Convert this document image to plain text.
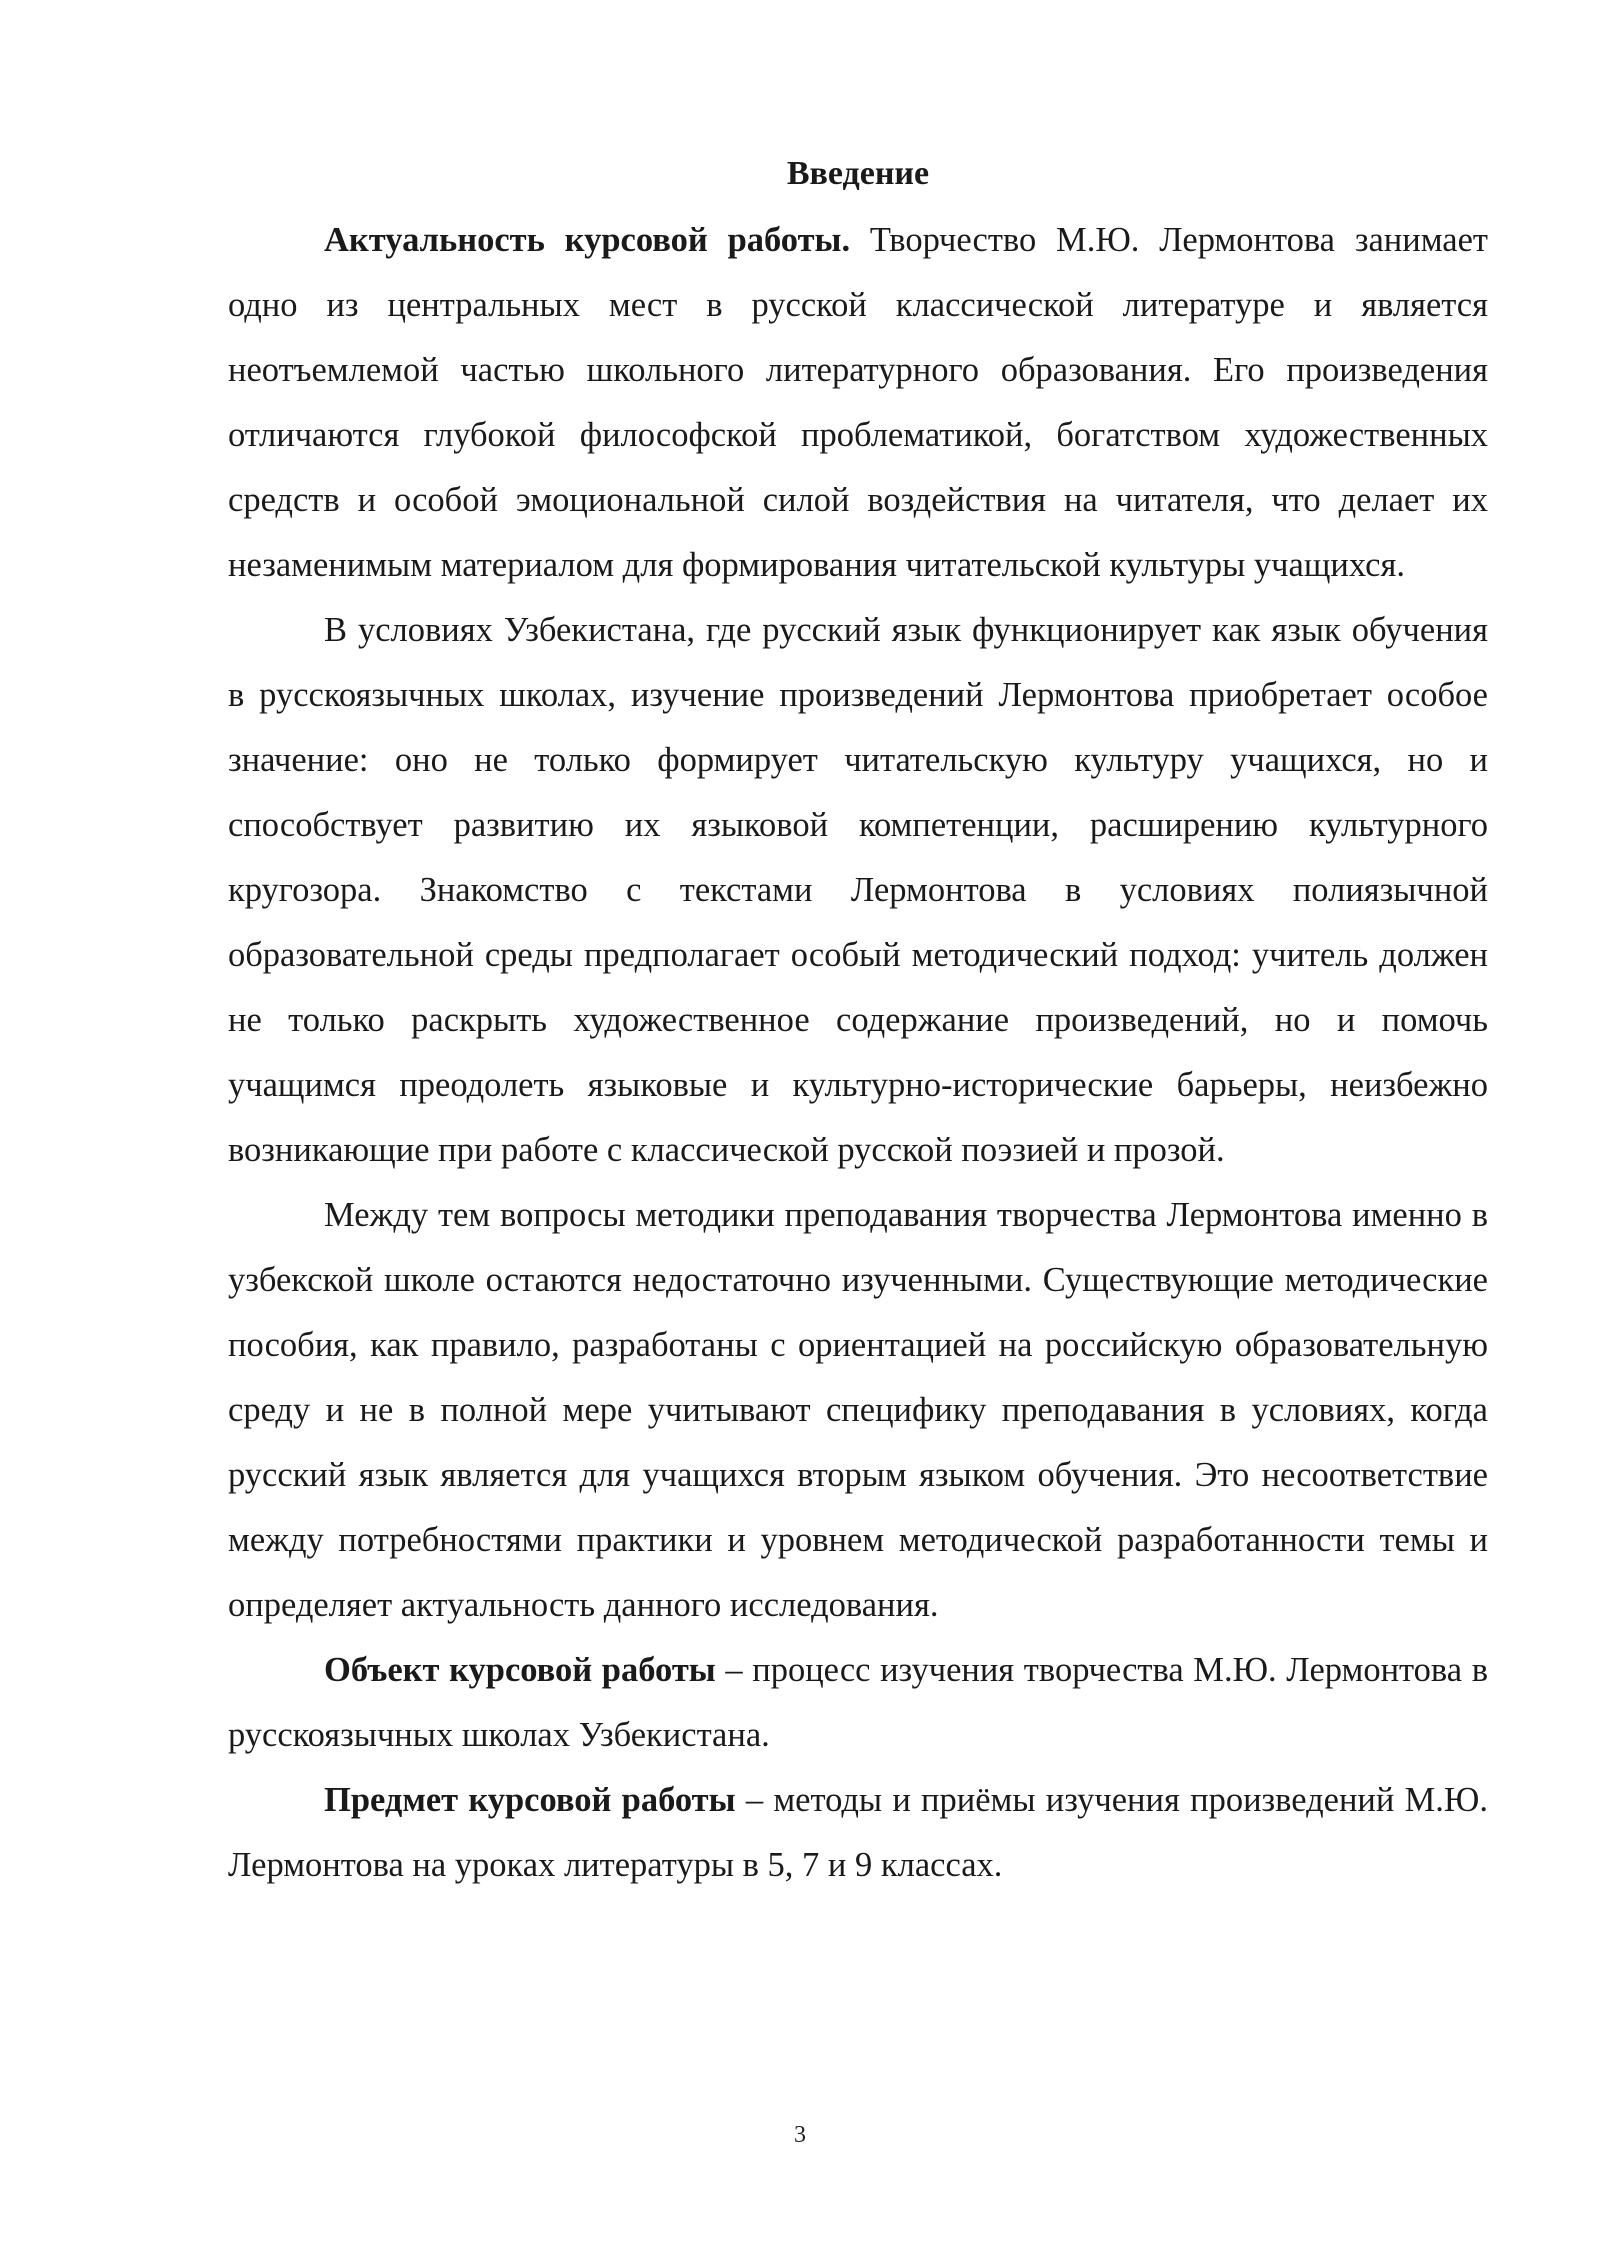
Введение

Актуальность курсовой работы. Творчество М.Ю. Лермонтова занимает одно из центральных мест в русской классической литературе и является неотъемлемой частью школьного литературного образования. Его произведения отличаются глубокой философской проблематикой, богатством художественных средств и особой эмоциональной силой воздействия на читателя, что делает их незаменимым материалом для формирования читательской культуры учащихся.

В условиях Узбекистана, где русский язык функционирует как язык обучения в русскоязычных школах, изучение произведений Лермонтова приобретает особое значение: оно не только формирует читательскую культуру учащихся, но и способствует развитию их языковой компетенции, расширению культурного кругозора. Знакомство с текстами Лермонтова в условиях полиязычной образовательной среды предполагает особый методический подход: учитель должен не только раскрыть художественное содержание произведений, но и помочь учащимся преодолеть языковые и культурно-исторические барьеры, неизбежно возникающие при работе с классической русской поэзией и прозой.

Между тем вопросы методики преподавания творчества Лермонтова именно в узбекской школе остаются недостаточно изученными. Существующие методические пособия, как правило, разработаны с ориентацией на российскую образовательную среду и не в полной мере учитывают специфику преподавания в условиях, когда русский язык является для учащихся вторым языком обучения. Это несоответствие между потребностями практики и уровнем методической разработанности темы и определяет актуальность данного исследования.

Объект курсовой работы – процесс изучения творчества М.Ю. Лермонтова в русскоязычных школах Узбекистана.

Предмет курсовой работы – методы и приёмы изучения произведений М.Ю. Лермонтова на уроках литературы в 5, 7 и 9 классах.

3
